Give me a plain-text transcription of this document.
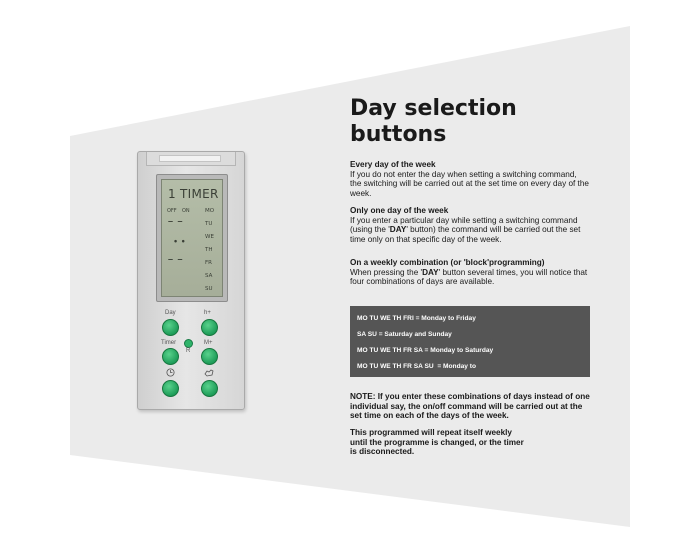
1 TIMER
OFF ON	MO
TU
WE
TH
FR
SA
SU
– –
• •
– –
Day	h+
Timer	M+
R
Day selection
buttons
Every day of the week
If you do not enter the day when setting a switching command, the switching will be carried out at the set time on every day of the week.
Only one day of the week
If you enter a particular day while setting a switching command (using the 'DAY' button) the command will be carried out the set time only on that specific day of the week.
On a weekly combination (or 'block'programming)
When pressing the 'DAY' button several times, you will notice that four combinations of days are available.
MO TU WE TH FRI = Monday to Friday
SA SU = Saturday and Sunday
MO TU WE TH FR SA = Monday to Saturday
MO TU WE TH FR SA SU  = Monday to
NOTE: If you enter these combinations of days instead of one individual say, the on/off command will be carried out at the set time on each of the days of the week.
This programmed will repeat itself weekly
until the programme is changed, or the timer
is disconnected.
